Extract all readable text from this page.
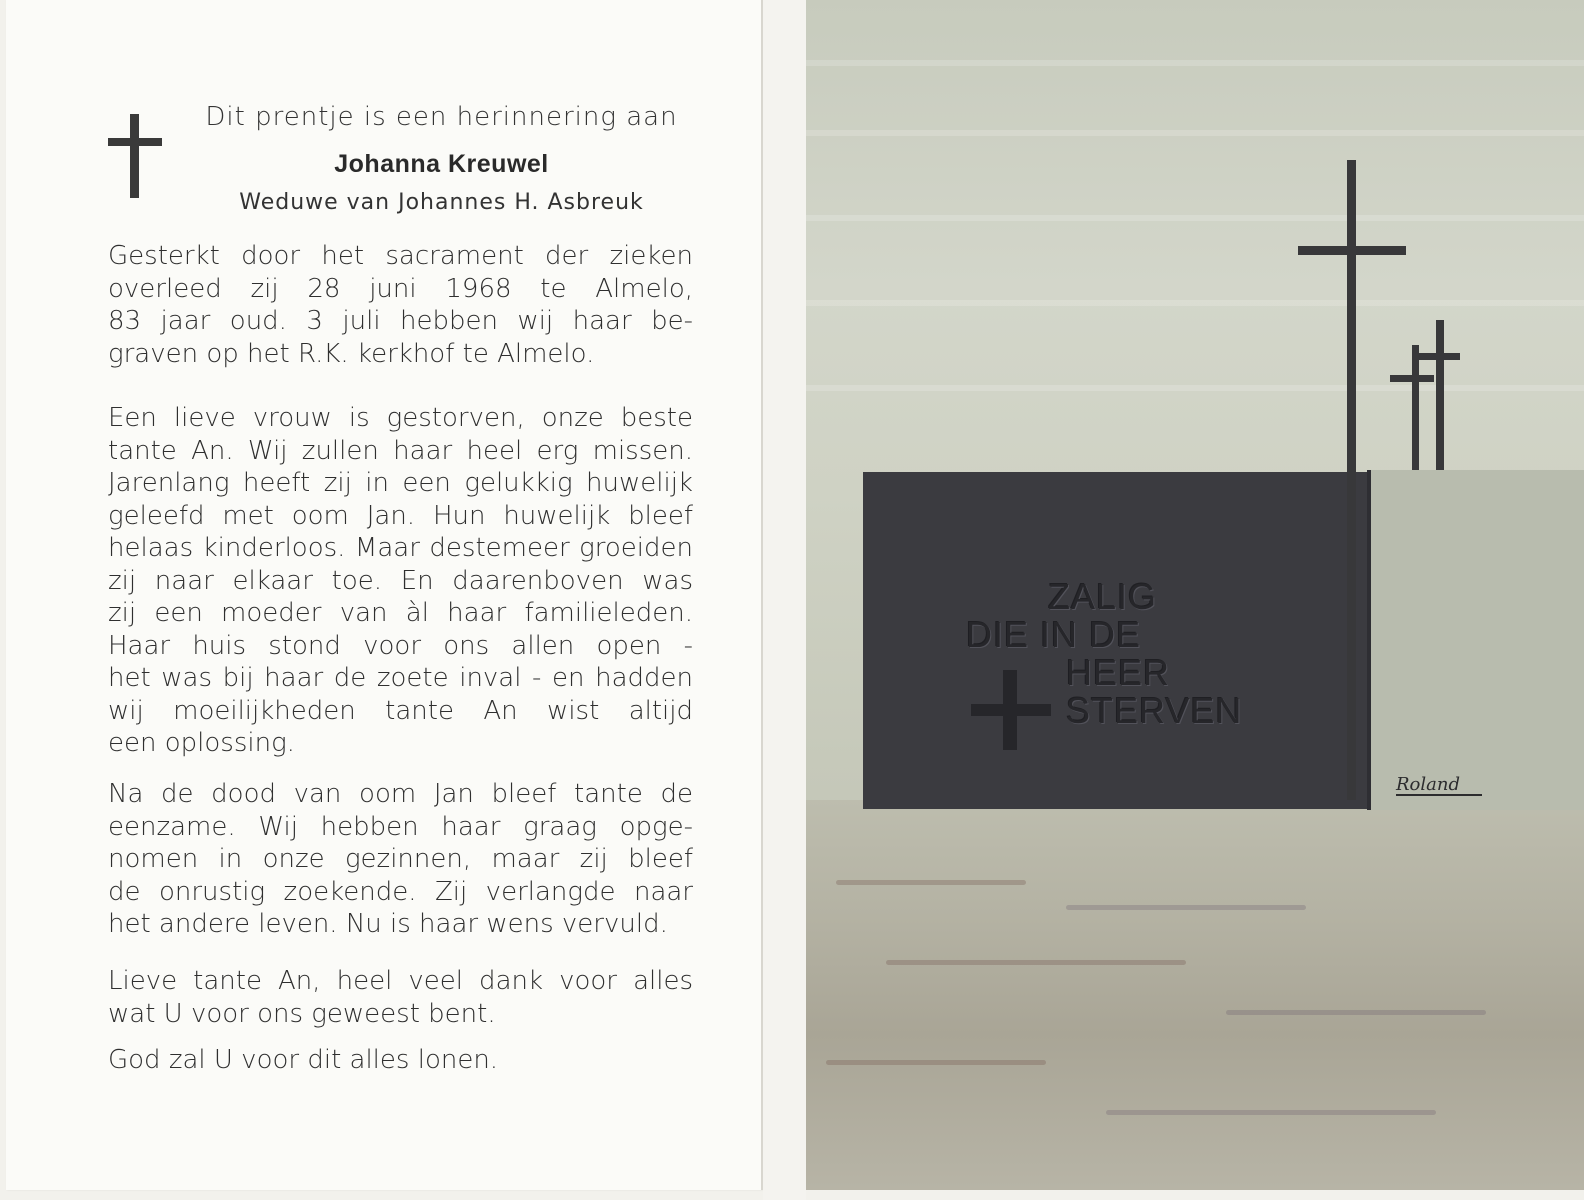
Dit prentje is een herinnering aan
Johanna Kreuwel
Weduwe van Johannes H. Asbreuk
Gesterkt door het sacrament der zieken
overleed zij 28 juni 1968 te Almelo,
83 jaar oud. 3 juli hebben wij haar be-
graven op het R.K. kerkhof te Almelo.
Een lieve vrouw is gestorven, onze beste
tante An. Wij zullen haar heel erg missen.
Jarenlang heeft zij in een gelukkig huwelijk
geleefd met oom Jan. Hun huwelijk bleef
helaas kinderloos. Maar destemeer groeiden
zij naar elkaar toe. En daarenboven was
zij een moeder van àl haar familieleden.
Haar huis stond voor ons allen open -
het was bij haar de zoete inval - en hadden
wij moeilijkheden tante An wist altijd
een oplossing.
Na de dood van oom Jan bleef tante de
eenzame. Wij hebben haar graag opge-
nomen in onze gezinnen, maar zij bleef
de onrustig zoekende. Zij verlangde naar
het andere leven. Nu is haar wens vervuld.
Lieve tante An, heel veel dank voor alles
wat U voor ons geweest bent.
God zal U voor dit alles lonen.
ZALIG
DIE IN DE
HEER
STERVEN
Roland
